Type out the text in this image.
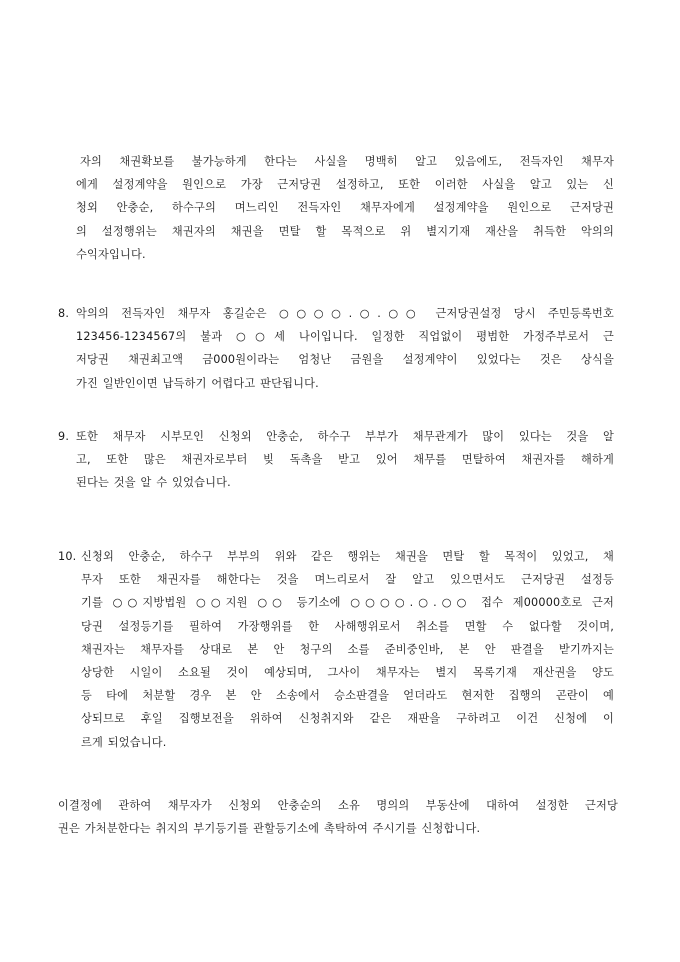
자의 채권확보를 불가능하게 한다는 사실을 명백히 알고 있음에도, 전득자인 채무자
에게 설정계약을 원인으로 가장 근저당권 설정하고, 또한 이러한 사실을 알고 있는 신
청외 안충순, 하수구의 며느리인 전득자인 채무자에게 설정계약을 원인으로 근저당권
의 설정행위는 채권자의 채권을 면탈 할 목적으로 위 별지기재 재산을 취득한 악의의
수익자입니다.
8. 악의의 전득자인 채무자 홍길순은 ○○○○.○.○○ 근저당권설정 당시 주민등록번호
123456-1234567의 불과 ○○세 나이입니다. 일정한 직업없이 평범한 가정주부로서 근
저당권 채권최고액 금000원이라는 엄청난 금원을 설정계약이 있었다는 것은 상식을
가진 일반인이면 납득하기 어렵다고 판단됩니다.
9. 또한 채무자 시부모인 신청외 안충순, 하수구 부부가 채무관계가 많이 있다는 것을 알
고, 또한 많은 채권자로부터 빚 독촉을 받고 있어 채무를 면탈하여 채권자를 해하게
된다는 것을 알 수 있었습니다.
10. 신청외 안충순, 하수구 부부의 위와 같은 행위는 채권을 면탈 할 목적이 있었고, 채
무자 또한 채권자를 해한다는 것을 며느리로서 잘 알고 있으면서도 근저당권 설정등
기를 ○○지방법원 ○○지원 ○○ 등기소에 ○○○○.○.○○ 접수 제00000호로 근저
당권 설정등기를 필하여 가장행위를 한 사해행위로서 취소를 면할 수 없다할 것이며,
채권자는 채무자를 상대로 본 안 청구의 소를 준비중인바, 본 안 판결을 받기까지는
상당한 시일이 소요될 것이 예상되며, 그사이 채무자는 별지 목록기재 재산권을 양도
등 타에 처분할 경우 본 안 소송에서 승소판결을 얻더라도 현저한 집행의 곤란이 예
상되므로 후일 집행보전을 위하여 신청취지와 같은 재판을 구하려고 이건 신청에 이
르게 되었습니다.
이결정에 관하여 채무자가 신청외 안충순의 소유 명의의 부동산에 대하여 설정한 근저당
권은 가처분한다는 취지의 부기등기를 관할등기소에 촉탁하여 주시기를 신청합니다.
